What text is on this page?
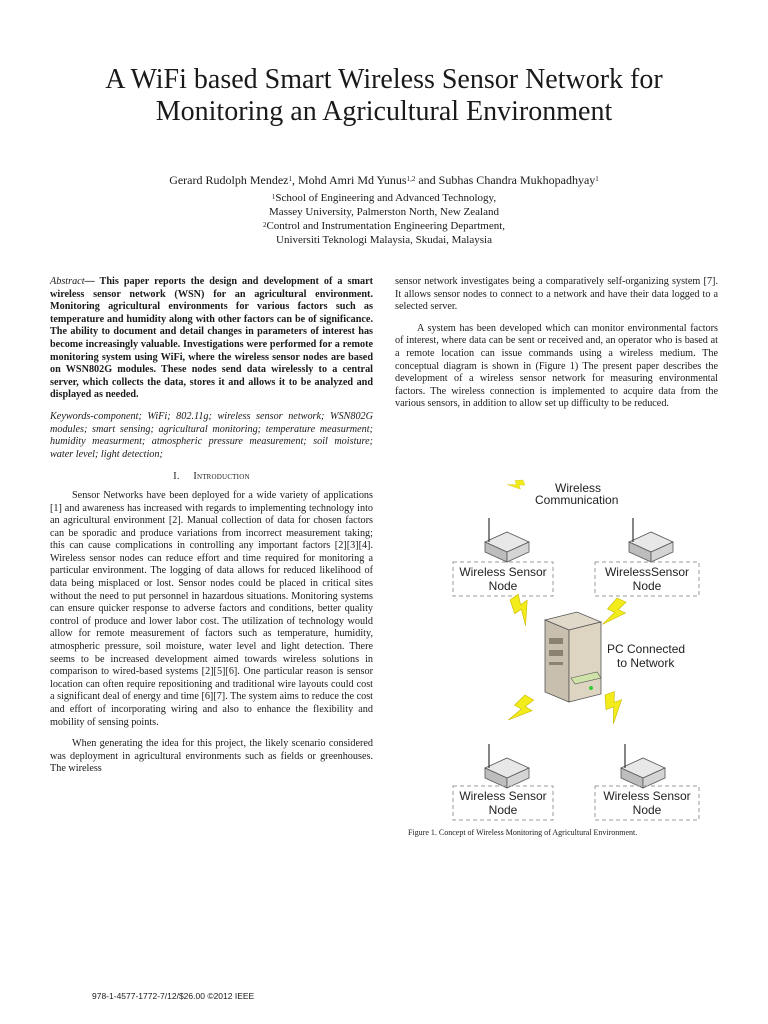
A WiFi based Smart Wireless Sensor Network for
Monitoring an Agricultural Environment
Gerard Rudolph Mendez$^1$, Mohd Amri Md Yunus$^{1,2}$ and Subhas Chandra Mukhopadhyay$^1$
$^1$School of Engineering and Advanced Technology,
Massey University, Palmerston North, New Zealand
$^2$Control and Instrumentation Engineering Department,
Universiti Teknologi Malaysia, Skudai, Malaysia
Abstract— This paper reports the design and development of a smart wireless sensor network (WSN) for an agricultural environment. Monitoring agricultural environments for various factors such as temperature and humidity along with other factors can be of significance. The ability to document and detail changes in parameters of interest has become increasingly valuable. Investigations were performed for a remote monitoring system using WiFi, where the wireless sensor nodes are based on WSN802G modules. These nodes send data wirelessly to a central server, which collects the data, stores it and allows it to be analyzed and displayed as needed.
Keywords-component; WiFi; 802.11g; wireless sensor network; WSN802G modules; smart sensing; agricultural monitoring; temperature measurment; humidity measurment; atmospheric pressure measurement; soil moisture; water level; light detection;
I. Introduction

Sensor Networks have been deployed for a wide variety of applications [1] and awareness has increased with regards to implementing technology into an agricultural environment [2]. Manual collection of data for chosen factors can be sporadic and produce variations from incorrect measurement taking; this can cause complications in controlling any important factors [2][3][4]. Wireless sensor nodes can reduce effort and time required for monitoring a particular environment. The logging of data allows for reduced likelihood of data being misplaced or lost. Sensor nodes could be placed in critical sites without the need to put personnel in hazardous situations. Monitoring systems can ensure quicker response to adverse factors and conditions, better quality control of produce and lower labor cost. The utilization of technology would allow for remote measurement of factors such as temperature, humidity, atmospheric pressure, soil moisture, water level and light detection. There seems to be increased development aimed towards wireless solutions in comparison to wired-based systems [2][5][6]. One particular reason is sensor location can often require repositioning and traditional wire layouts could cost a significant deal of energy and time [6][7]. The system aims to reduce the cost and effort of incorporating wiring and also to enhance the flexibility and mobility of sensing points.

When generating the idea for this project, the likely scenario considered was deployment in agricultural environments such as fields or greenhouses. The wireless

sensor network investigates being a comparatively self-organizing system [7]. It allows sensor nodes to connect to a network and have their data logged to a selected server.

A system has been developed which can monitor environmental factors of interest, where data can be sent or received and, an operator who is based at a remote location can issue commands using a wireless medium. The conceptual diagram is shown in (Figure 1) The present paper describes the development of a wireless sensor network for measuring environmental factors. The wireless connection is implemented to acquire data from the various sensors, in addition to allow set up difficulty to be reduced.

Wireless
Communication
Wireless Sensor
Node
WirelessSensor
Node
PC Connected
to Network
Wireless Sensor
Node
Wireless Sensor
Node
Figure 1. Concept of Wireless Monitoring of Agricultural Environment.
978-1-4577-1772-7/12/$26.00 ©2012 IEEE
